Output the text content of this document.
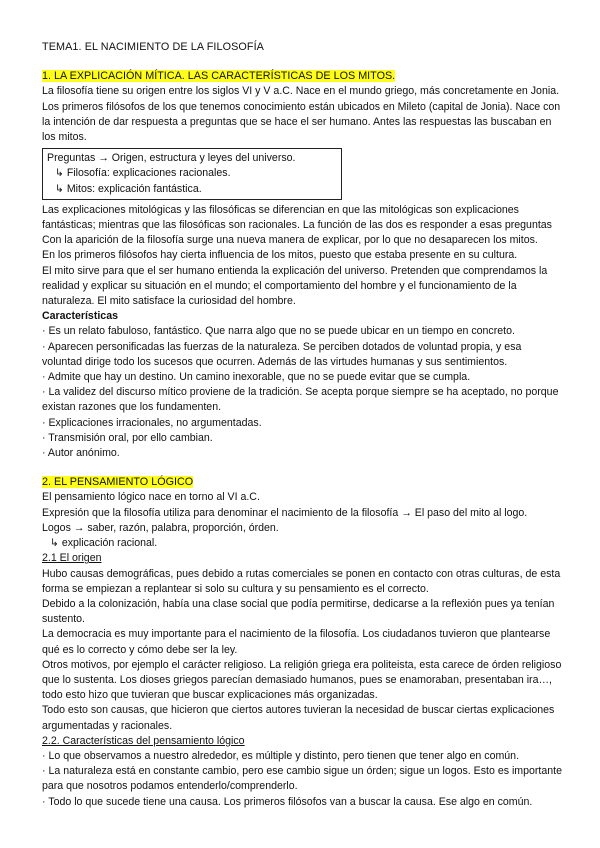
TEMA1. EL NACIMIENTO DE LA FILOSOFÍA

1. LA EXPLICACIÓN MÍTICA. LAS CARACTERÍSTICAS DE LOS MITOS.

La filosofía tiene su origen entre los siglos VI y V a.C. Nace en el mundo griego, más concretamente en Jonia. Los primeros filósofos de los que tenemos conocimiento están ubicados en Mileto (capital de Jonia). Nace con la intención de dar respuesta a preguntas que se hace el ser humano. Antes las respuestas las buscaban en los mitos.

Preguntas → Origen, estructura y leyes del universo.

↳ Filosofía: explicaciones racionales.

↳ Mitos: explicación fantástica.

Las explicaciones mitológicas y las filosóficas se diferencian en que las mitológicas son explicaciones fantásticas; mientras que las filosóficas son racionales. La función de las dos es responder a esas preguntas

Con la aparición de la filosofía surge una nueva manera de explicar, por lo que no desaparecen los mitos.

En los primeros filósofos hay cierta influencia de los mitos, puesto que estaba presente en su cultura.

El mito sirve para que el ser humano entienda la explicación del universo. Pretenden que comprendamos la realidad y explicar su situación en el mundo; el comportamiento del hombre y el funcionamiento de la naturaleza. El mito satisface la curiosidad del hombre.

Características

· Es un relato fabuloso, fantástico. Que narra algo que no se puede ubicar en un tiempo en concreto.

· Aparecen personificadas las fuerzas de la naturaleza. Se perciben dotados de voluntad propia, y esa voluntad dirige todo los sucesos que ocurren. Además de las virtudes humanas y sus sentimientos.

· Admite que hay un destino. Un camino inexorable, que no se puede evitar que se cumpla.

· La validez del discurso mítico proviene de la tradición. Se acepta porque siempre se ha aceptado, no porque existan razones que los fundamenten.

· Explicaciones irracionales, no argumentadas.

· Transmisión oral, por ello cambian.

· Autor anónimo.

2. EL PENSAMIENTO LÓGICO

El pensamiento lógico nace en torno al VI a.C.

Expresión que la filosofía utiliza para denominar el nacimiento de la filosofía → El paso del mito al logo.

Logos → saber, razón, palabra, proporción, órden.

↳ explicación racional.

2.1 El origen

Hubo causas demográficas, pues debido a rutas comerciales se ponen en contacto con otras culturas, de esta forma se empiezan a replantear si solo su cultura y su pensamiento es el correcto.

Debido a la colonización, había una clase social que podía permitirse, dedicarse a la reflexión pues ya tenían sustento.

La democracia es muy importante para el nacimiento de la filosofía. Los ciudadanos tuvieron que plantearse qué es lo correcto y cómo debe ser la ley.

Otros motivos, por ejemplo el carácter religioso. La religión griega era politeista, esta carece de órden religioso que lo sustenta. Los dioses griegos parecían demasiado humanos, pues se enamoraban, presentaban ira…, todo esto hizo que tuvieran que buscar explicaciones más organizadas.

Todo esto son causas, que hicieron que ciertos autores tuvieran la necesidad de buscar ciertas explicaciones argumentadas y racionales.

2.2. Características del pensamiento lógico

· Lo que observamos a nuestro alrededor, es múltiple y distinto, pero tienen que tener algo en común.

· La naturaleza está en constante cambio, pero ese cambio sigue un órden; sigue un logos. Esto es importante para que nosotros podamos entenderlo/comprenderlo.

· Todo lo que sucede tiene una causa. Los primeros filósofos van a buscar la causa. Ese algo en común.
